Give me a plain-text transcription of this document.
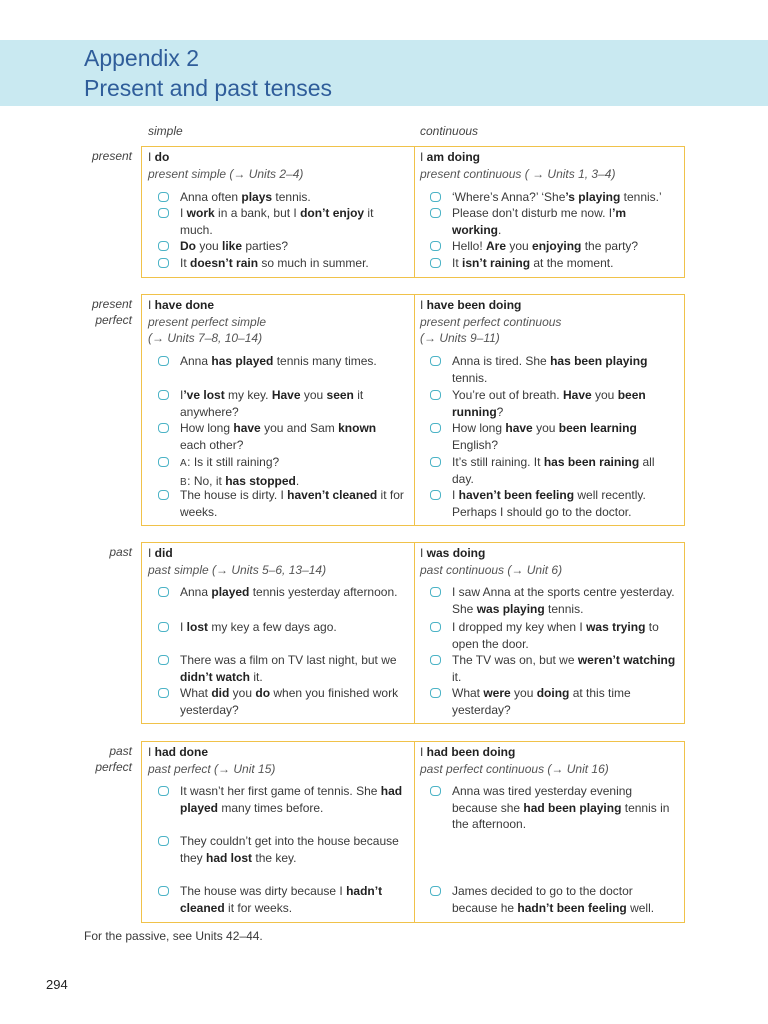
Appendix 2
Present and past tenses
simple	continuous
present I do
present simple (→ Units 2–4)
Anna often plays tennis.
I work in a bank, but I don’t enjoy it much.
Do you like parties?
It doesn’t rain so much in summer.
I am doing
present continuous ( → Units 1, 3–4)
‘Where’s Anna?’ ‘She’s playing tennis.’
Please don’t disturb me now. I’m working.
Hello! Are you enjoying the party?
It isn’t raining at the moment.
present
perfect
I have done
present perfect simple
(→ Units 7–8, 10–14)
Anna has played tennis many times.
I’ve lost my key. Have you seen it anywhere?
How long have you and Sam known each other?
A: Is it still raining?
B: No, it has stopped.
The house is dirty. I haven’t cleaned it for weeks.
I have been doing
present perfect continuous
(→ Units 9–11)
Anna is tired. She has been playing tennis.
You’re out of breath. Have you been running?
How long have you been learning English?
It’s still raining. It has been raining all day.
I haven’t been feeling well recently. Perhaps I should go to the doctor.
past I did
past simple (→ Units 5–6, 13–14)
Anna played tennis yesterday afternoon.
I lost my key a few days ago.
There was a film on TV last night, but we didn’t watch it.
What did you do when you finished work yesterday?
I was doing
past continuous (→ Unit 6)
I saw Anna at the sports centre yesterday. She was playing tennis.
I dropped my key when I was trying to open the door.
The TV was on, but we weren’t watching it.
What were you doing at this time yesterday?
past
perfect
I had done
past perfect (→ Unit 15)
It wasn’t her first game of tennis. She had played many times before.
They couldn’t get into the house because they had lost the key.
The house was dirty because I hadn’t cleaned it for weeks.
I had been doing
past perfect continuous (→ Unit 16)
Anna was tired yesterday evening because she had been playing tennis in the afternoon.
James decided to go to the doctor because he hadn’t been feeling well.
For the passive, see Units 42–44.
294
